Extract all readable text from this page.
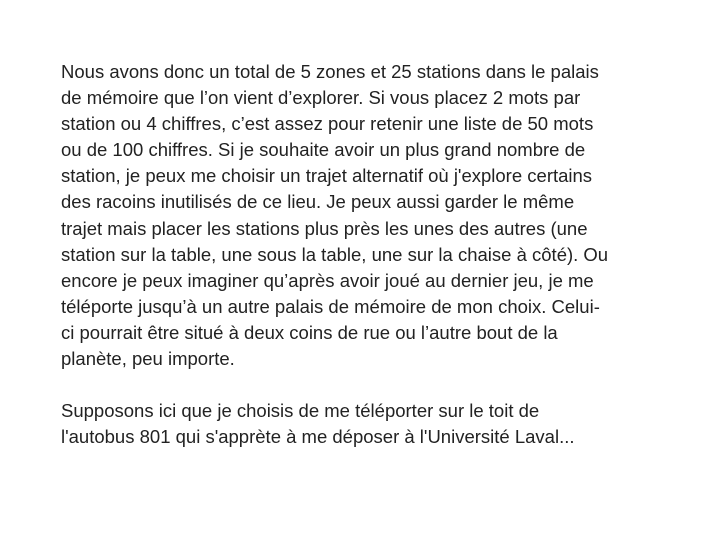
Nous avons donc un total de 5 zones et 25 stations dans le palais
de mémoire que l’on vient d’explorer. Si vous placez 2 mots par
station ou 4 chiffres, c’est assez pour retenir une liste de 50 mots
ou de 100 chiffres. Si je souhaite avoir un plus grand nombre de
station, je peux me choisir un trajet alternatif où j'explore certains
des racoins inutilisés de ce lieu. Je peux aussi garder le même
trajet mais placer les stations plus près les unes des autres (une
station sur la table, une sous la table, une sur la chaise à côté). Ou
encore je peux imaginer qu’après avoir joué au dernier jeu, je me
téléporte jusqu’à un autre palais de mémoire de mon choix. Celui-
ci pourrait être situé à deux coins de rue ou l’autre bout de la
planète, peu importe.

Supposons ici que je choisis de me téléporter sur le toit de
l'autobus 801 qui s'apprète à me déposer à l'Université Laval...
